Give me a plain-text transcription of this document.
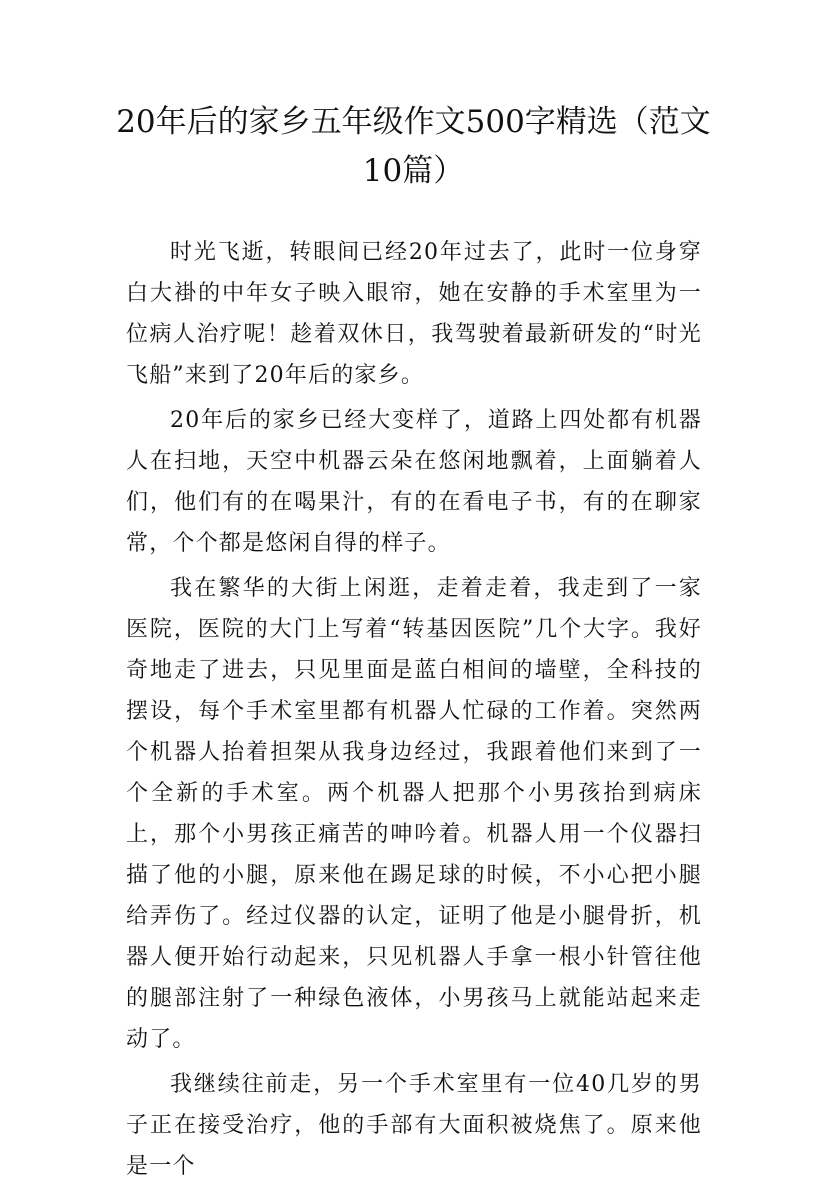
20年后的家乡五年级作文500字精选（范文10篇）

时光飞逝，转眼间已经20年过去了，此时一位身穿白大褂的中年女子映入眼帘，她在安静的手术室里为一位病人治疗呢！趁着双休日，我驾驶着最新研发的“时光飞船”来到了20年后的家乡。

20年后的家乡已经大变样了，道路上四处都有机器人在扫地，天空中机器云朵在悠闲地飘着，上面躺着人们，他们有的在喝果汁，有的在看电子书，有的在聊家常，个个都是悠闲自得的样子。

我在繁华的大街上闲逛，走着走着，我走到了一家医院，医院的大门上写着“转基因医院”几个大字。我好奇地走了进去，只见里面是蓝白相间的墙壁，全科技的摆设，每个手术室里都有机器人忙碌的工作着。突然两个机器人抬着担架从我身边经过，我跟着他们来到了一个全新的手术室。两个机器人把那个小男孩抬到病床上，那个小男孩正痛苦的呻吟着。机器人用一个仪器扫描了他的小腿，原来他在踢足球的时候，不小心把小腿给弄伤了。经过仪器的认定，证明了他是小腿骨折，机器人便开始行动起来，只见机器人手拿一根小针管往他的腿部注射了一种绿色液体，小男孩马上就能站起来走动了。

我继续往前走，另一个手术室里有一位40几岁的男子正在接受治疗，他的手部有大面积被烧焦了。原来他是一个
